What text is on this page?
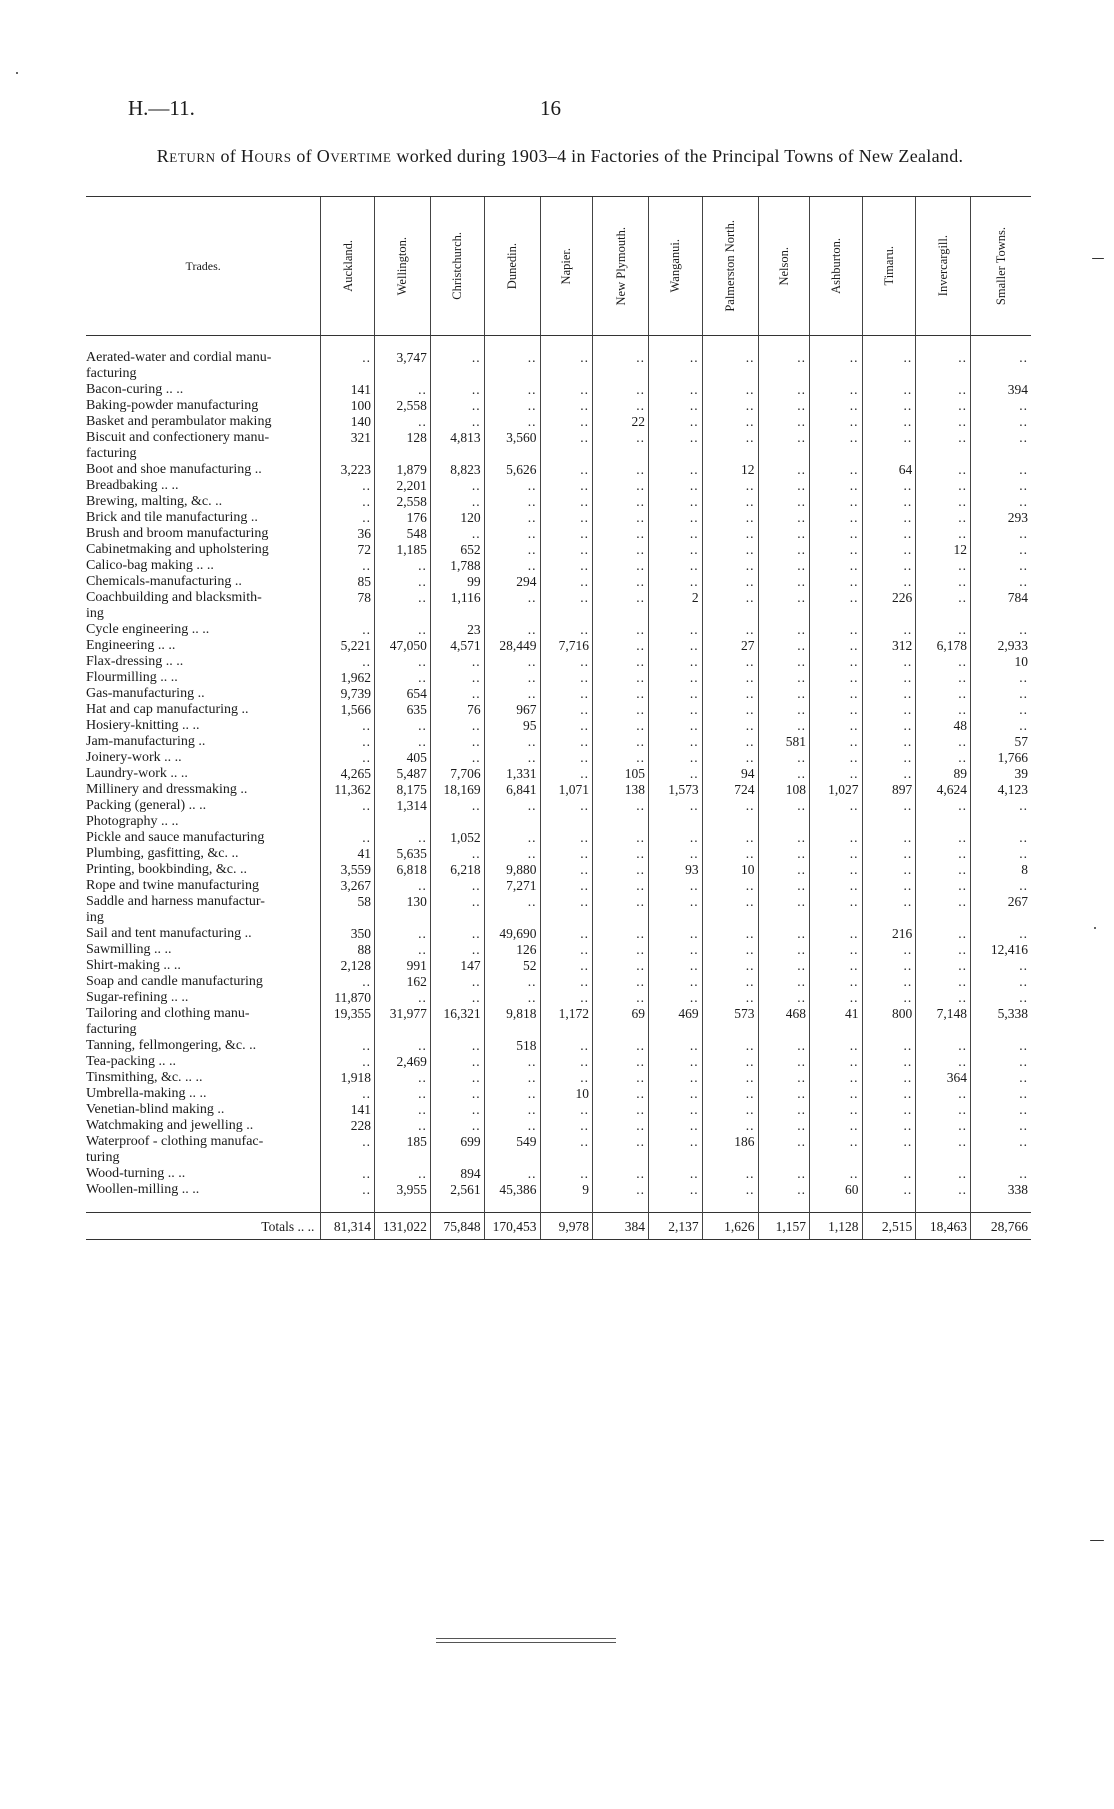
H.—11.	16
Return of Hours of Overtime worked during 1903–4 in Factories of the Principal Towns of New Zealand.
Trades.	Auckland.	Wellington.	Christchurch.	Dunedin.	Napier.	New Plymouth.	Wanganui.	Palmerston North.	Nelson.	Ashburton.	Timaru.	Invercargill.	Smaller Towns.

Aerated-water and cordial manu-
facturing	..	3,747	..	..	..	..	..	..	..	..	..	..	..

Bacon-curing .. ..	141	..	..	..	..	..	..	..	..	..	..	..	394

Baking-powder manufacturing	100	2,558	..	..	..	..	..	..	..	..	..	..	..

Basket and perambulator making	140	..	..	..	..	22	..	..	..	..	..	..	..

Biscuit and confectionery manu-
facturing	321	128	4,813	3,560	..	..	..	..	..	..	..	..	..

Boot and shoe manufacturing ..	3,223	1,879	8,823	5,626	..	..	..	12	..	..	64	..	..

Breadbaking .. ..	..	2,201	..	..	..	..	..	..	..	..	..	..	..

Brewing, malting, &c. ..	..	2,558	..	..	..	..	..	..	..	..	..	..	..

Brick and tile manufacturing ..	..	176	120	..	..	..	..	..	..	..	..	..	293

Brush and broom manufacturing	36	548	..	..	..	..	..	..	..	..	..	..	..

Cabinetmaking and upholstering	72	1,185	652	..	..	..	..	..	..	..	..	12	..

Calico-bag making .. ..	..	..	1,788	..	..	..	..	..	..	..	..	..	..

Chemicals-manufacturing ..	85	..	99	294	..	..	..	..	..	..	..	..	..

Coachbuilding and blacksmith-
ing	78	..	1,116	..	..	..	2	..	..	..	226	..	784

Cycle engineering .. ..	..	..	23	..	..	..	..	..	..	..	..	..	..

Engineering .. ..	5,221	47,050	4,571	28,449	7,716	..	..	27	..	..	312	6,178	2,933

Flax-dressing .. ..	..	..	..	..	..	..	..	..	..	..	..	..	10

Flourmilling .. ..	1,962	..	..	..	..	..	..	..	..	..	..	..	..

Gas-manufacturing ..	9,739	654	..	..	..	..	..	..	..	..	..	..	..

Hat and cap manufacturing ..	1,566	635	76	967	..	..	..	..	..	..	..	..	..

Hosiery-knitting .. ..	..	..	..	95	..	..	..	..	..	..	..	48	..

Jam-manufacturing ..	..	..	..	..	..	..	..	..	581	..	..	..	57

Joinery-work .. ..	..	405	..	..	..	..	..	..	..	..	..	..	1,766

Laundry-work .. ..	4,265	5,487	7,706	1,331	..	105	..	94	..	..	..	89	39

Millinery and dressmaking ..	11,362	8,175	18,169	6,841	1,071	138	1,573	724	108	1,027	897	4,624	4,123

Packing (general) .. ..	..	1,314	..	..	..	..	..	..	..	..	..	..	..

Photography .. ..													

Pickle and sauce manufacturing	..	..	1,052	..	..	..	..	..	..	..	..	..	..

Plumbing, gasfitting, &c. ..	41	5,635	..	..	..	..	..	..	..	..	..	..	..

Printing, bookbinding, &c. ..	3,559	6,818	6,218	9,880	..	..	93	10	..	..	..	..	8

Rope and twine manufacturing	3,267	..	..	7,271	..	..	..	..	..	..	..	..	..

Saddle and harness manufactur-
ing	58	130	..	..	..	..	..	..	..	..	..	..	267

Sail and tent manufacturing ..	350	..	..	49,690	..	..	..	..	..	..	216	..	..

Sawmilling .. ..	88	..	..	126	..	..	..	..	..	..	..	..	12,416

Shirt-making .. ..	2,128	991	147	52	..	..	..	..	..	..	..	..	..

Soap and candle manufacturing	..	162	..	..	..	..	..	..	..	..	..	..	..

Sugar-refining .. ..	11,870	..	..	..	..	..	..	..	..	..	..	..	..

Tailoring and clothing manu-
facturing	19,355	31,977	16,321	9,818	1,172	69	469	573	468	41	800	7,148	5,338

Tanning, fellmongering, &c. ..	..	..	..	518	..	..	..	..	..	..	..	..	..

Tea-packing .. ..	..	2,469	..	..	..	..	..	..	..	..	..	..	..

Tinsmithing, &c. .. ..	1,918	..	..	..	..	..	..	..	..	..	..	364	..

Umbrella-making .. ..	..	..	..	..	10	..	..	..	..	..	..	..	..

Venetian-blind making ..	141	..	..	..	..	..	..	..	..	..	..	..	..

Watchmaking and jewelling ..	228	..	..	..	..	..	..	..	..	..	..	..	..

Waterproof - clothing manufac-
turing	..	185	699	549	..	..	..	186	..	..	..	..	..

Wood-turning .. ..	..	..	894	..	..	..	..	..	..	..	..	..	..

Woollen-milling .. ..	..	3,955	2,561	45,386	9	..	..	..	..	60	..	..	338

Totals .. ..	81,314	131,022	75,848	170,453	9,978	384	2,137	1,626	1,157	1,128	2,515	18,463	28,766
